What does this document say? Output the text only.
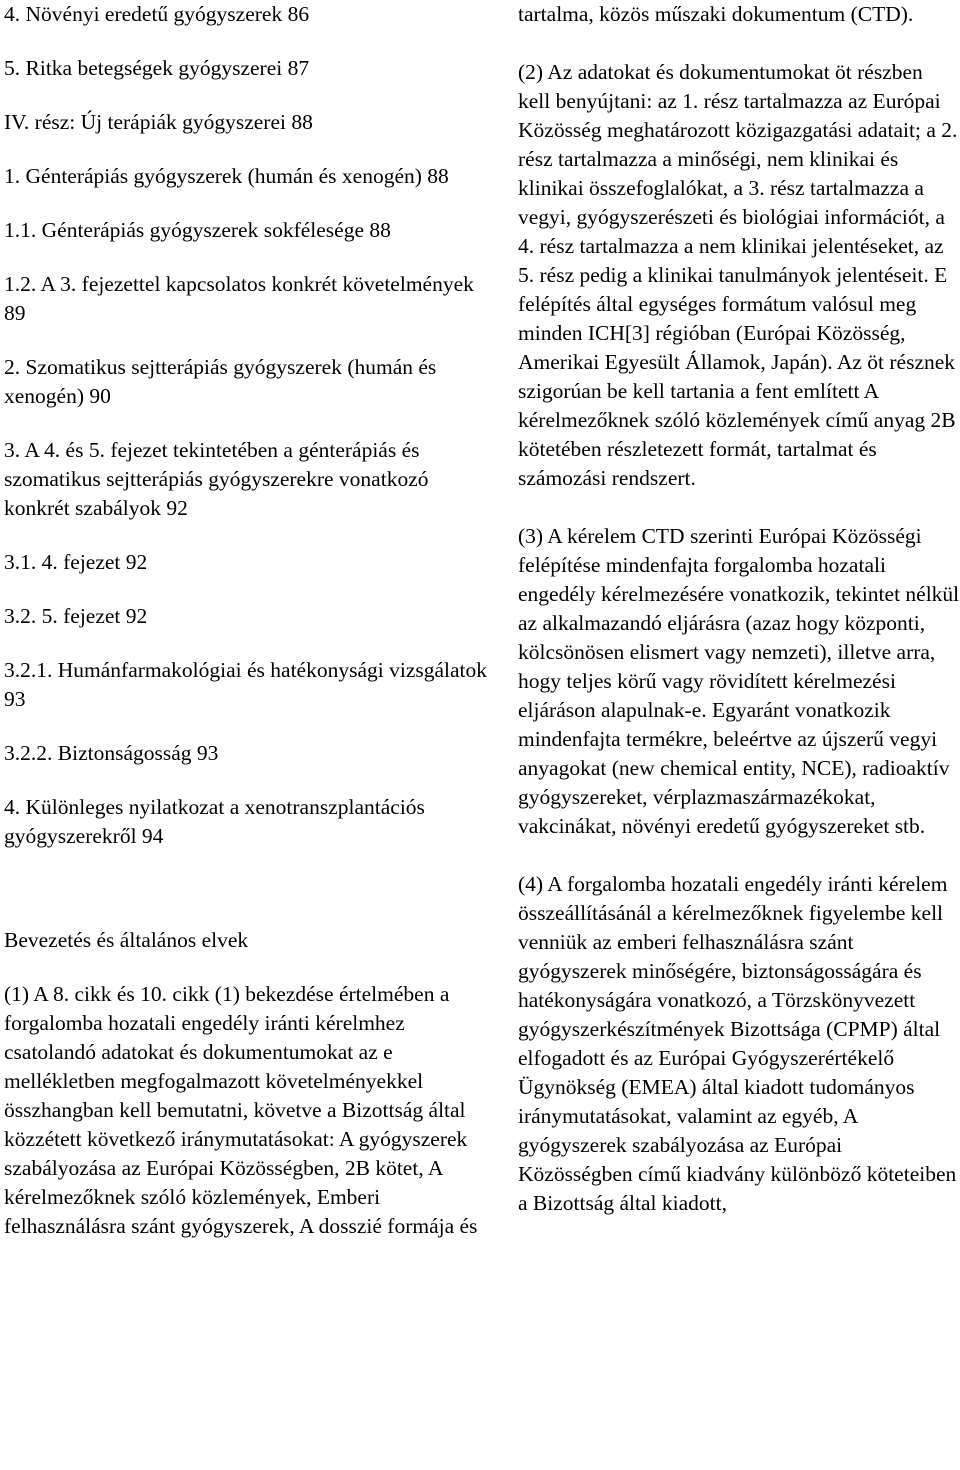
4. Növényi eredetű gyógyszerek 86

5. Ritka betegségek gyógyszerei 87

IV. rész: Új terápiák gyógyszerei 88

1. Génterápiás gyógyszerek (humán és xenogén) 88

1.1. Génterápiás gyógyszerek sokfélesége 88

1.2. A 3. fejezettel kapcsolatos konkrét követelmények 89

2. Szomatikus sejtterápiás gyógyszerek (humán és xenogén) 90

3. A 4. és 5. fejezet tekintetében a génterápiás és szomatikus sejtterápiás gyógyszerekre vonatkozó konkrét szabályok 92

3.1. 4. fejezet 92

3.2. 5. fejezet 92

3.2.1. Humánfarmakológiai és hatékonysági vizsgálatok 93

3.2.2. Biztonságosság 93

4. Különleges nyilatkozat a xenotranszplantációs gyógyszerekről 94

Bevezetés és általános elvek

(1) A 8. cikk és 10. cikk (1) bekezdése értelmében a forgalomba hozatali engedély iránti kérelmhez csatolandó adatokat és dokumentumokat az e mellékletben megfogalmazott követelményekkel összhangban kell bemutatni, követve a Bizottság által közzétett következő iránymutatásokat: A gyógyszerek szabályozása az Európai Közösségben, 2B kötet, A kérelmezőknek szóló közlemények, Emberi felhasználásra szánt gyógyszerek, A dosszié formája és

tartalma, közös műszaki dokumentum (CTD).

(2) Az adatokat és dokumentumokat öt részben kell benyújtani: az 1. rész tartalmazza az Európai Közösség meghatározott közigazgatási adatait; a 2. rész tartalmazza a minőségi, nem klinikai és klinikai összefoglalókat, a 3. rész tartalmazza a vegyi, gyógyszerészeti és biológiai információt, a 4. rész tartalmazza a nem klinikai jelentéseket, az 5. rész pedig a klinikai tanulmányok jelentéseit. E felépítés által egységes formátum valósul meg minden ICH[3] régióban (Európai Közösség, Amerikai Egyesült Államok, Japán). Az öt résznek szigorúan be kell tartania a fent említett A kérelmezőknek szóló közlemények című anyag 2B kötetében részletezett formát, tartalmat és számozási rendszert.

(3) A kérelem CTD szerinti Európai Közösségi felépítése mindenfajta forgalomba hozatali engedély kérelmezésére vonatkozik, tekintet nélkül az alkalmazandó eljárásra (azaz hogy központi, kölcsönösen elismert vagy nemzeti), illetve arra, hogy teljes körű vagy rövidített kérelmezési eljáráson alapulnak-e. Egyaránt vonatkozik mindenfajta termékre, beleértve az újszerű vegyi anyagokat (new chemical entity, NCE), radioaktív gyógyszereket, vérplazmaszármazékokat, vakcinákat, növényi eredetű gyógyszereket stb.

(4) A forgalomba hozatali engedély iránti kérelem összeállításánál a kérelmezőknek figyelembe kell venniük az emberi felhasználásra szánt gyógyszerek minőségére, biztonságosságára és hatékonyságára vonatkozó, a Törzskönyvezett gyógyszerkészítmények Bizottsága (CPMP) által elfogadott és az Európai Gyógyszerértékelő Ügynökség (EMEA) által kiadott tudományos iránymutatásokat, valamint az egyéb, A gyógyszerek szabályozása az Európai Közösségben című kiadvány különböző köteteiben a Bizottság által kiadott,
